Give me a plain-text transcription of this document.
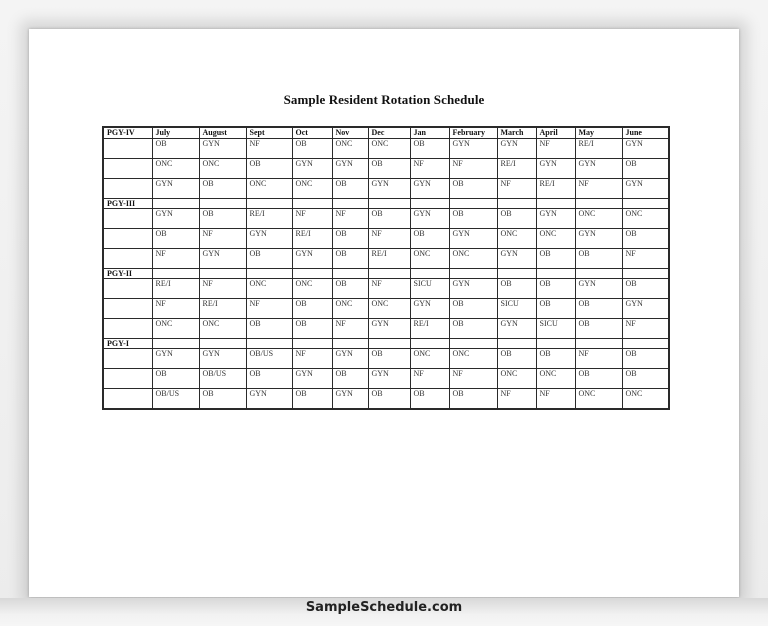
Sample Resident Rotation Schedule
PGY-IV	July	August	Sept	Oct	Nov	Dec	Jan	February	March	April	May	June
	OB	GYN	NF	OB	ONC	ONC	OB	GYN	GYN	NF	RE/I	GYN
	ONC	ONC	OB	GYN	GYN	OB	NF	NF	RE/I	GYN	GYN	OB
	GYN	OB	ONC	ONC	OB	GYN	GYN	OB	NF	RE/I	NF	GYN
PGY-III												
	GYN	OB	RE/I	NF	NF	OB	GYN	OB	OB	GYN	ONC	ONC
	OB	NF	GYN	RE/I	OB	NF	OB	GYN	ONC	ONC	GYN	OB
	NF	GYN	OB	GYN	OB	RE/I	ONC	ONC	GYN	OB	OB	NF
PGY-II												
	RE/I	NF	ONC	ONC	OB	NF	SICU	GYN	OB	OB	GYN	OB
	NF	RE/I	NF	OB	ONC	ONC	GYN	OB	SICU	OB	OB	GYN
	ONC	ONC	OB	OB	NF	GYN	RE/I	OB	GYN	SICU	OB	NF
PGY-I												
	GYN	GYN	OB/US	NF	GYN	OB	ONC	ONC	OB	OB	NF	OB
	OB	OB/US	OB	GYN	OB	GYN	NF	NF	ONC	ONC	OB	OB
	OB/US	OB	GYN	OB	GYN	OB	OB	OB	NF	NF	ONC	ONC
SampleSchedule.com
